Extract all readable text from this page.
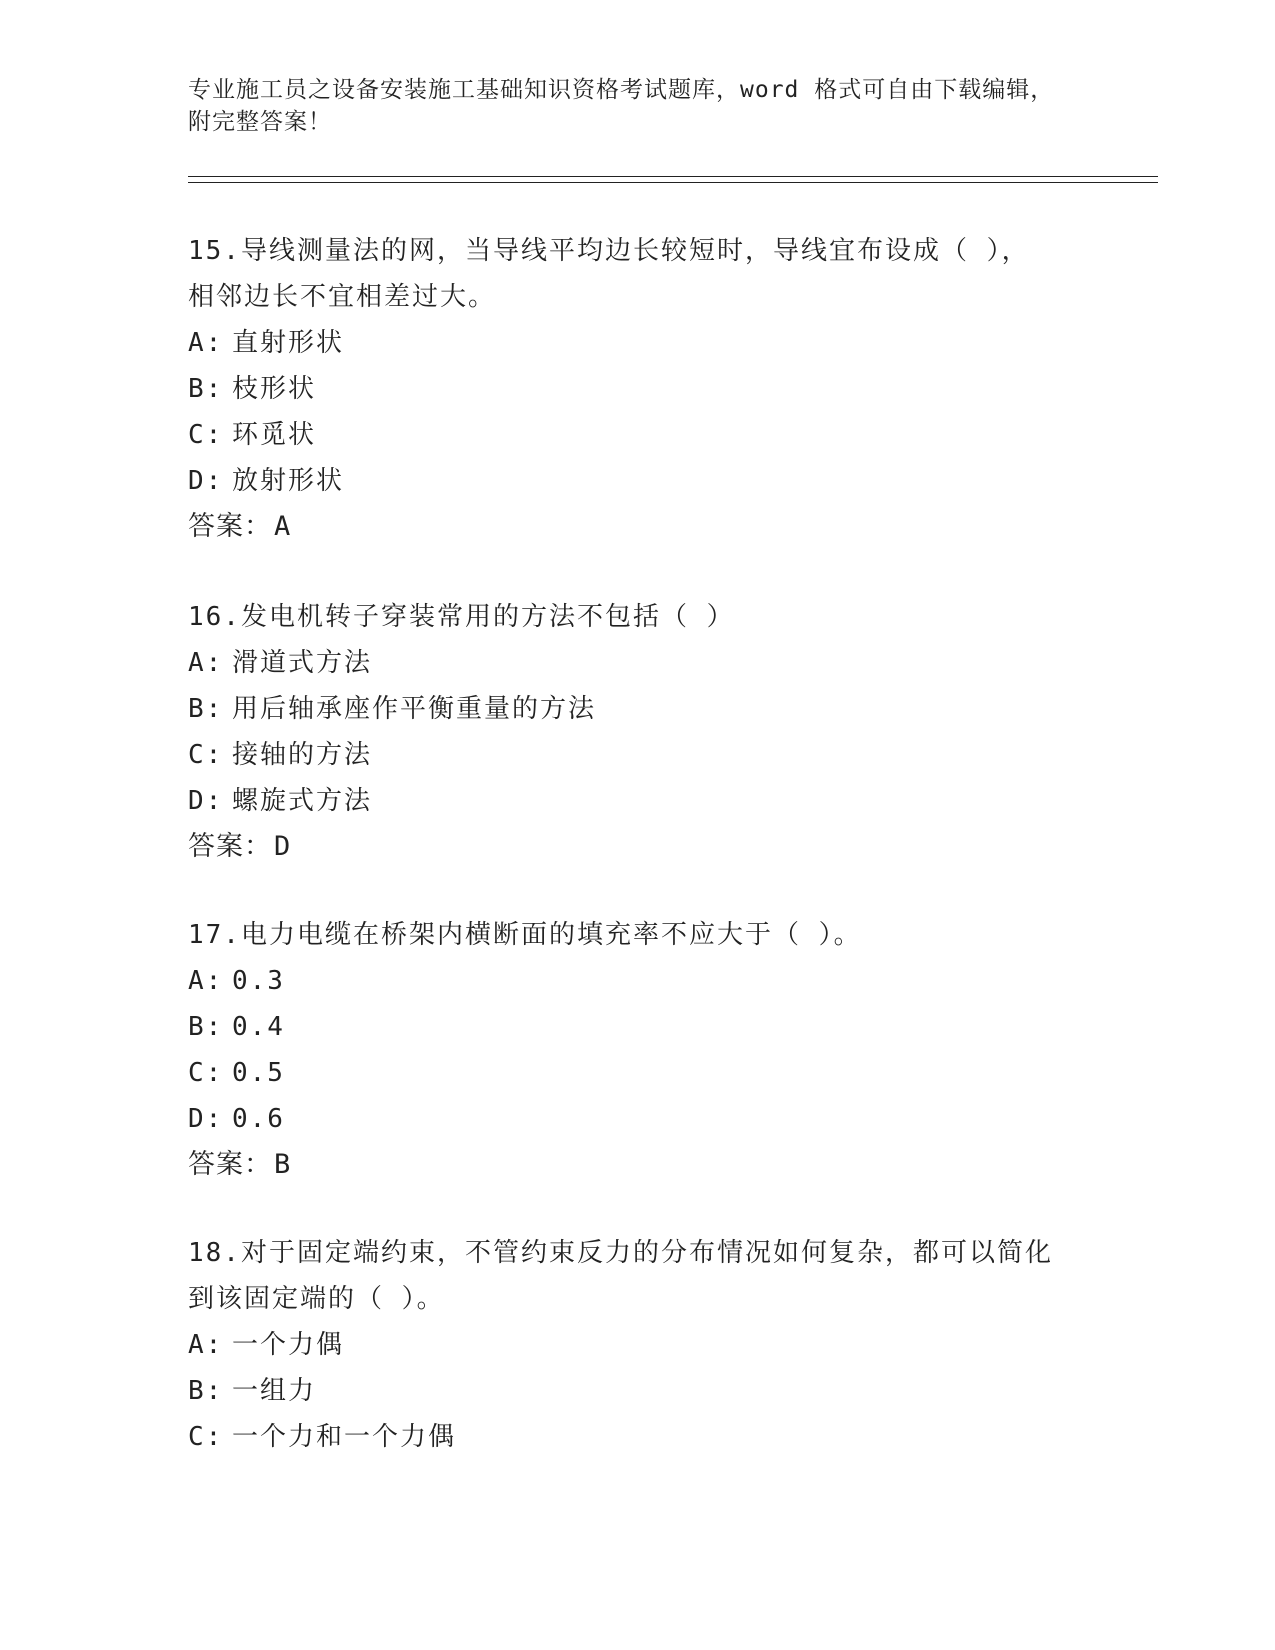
专业施工员之设备安装施工基础知识资格考试题库，word 格式可自由下载编辑，
附完整答案！
15.导线测量法的网，当导线平均边长较短时，导线宜布设成（ ），
相邻边长不宜相差过大。
A: 直射形状
B: 枝形状
C: 环觅状
D: 放射形状
答案：A
16.发电机转子穿装常用的方法不包括（ ）
A: 滑道式方法
B: 用后轴承座作平衡重量的方法
C: 接轴的方法
D: 螺旋式方法
答案：D
17.电力电缆在桥架内横断面的填充率不应大于（ ）。
A: 0.3
B: 0.4
C: 0.5
D: 0.6
答案：B
18.对于固定端约束，不管约束反力的分布情况如何复杂，都可以简化
到该固定端的（ ）。
A: 一个力偶
B: 一组力
C: 一个力和一个力偶
